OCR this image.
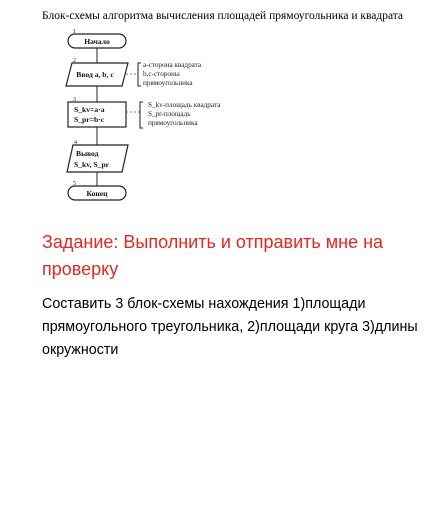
Блок-схемы алгоритма вычисления площадей прямоугольника и квадрата
1
Начало
2
Ввод a, b, c
a-сторона квадрата
b,c-стороны
прямоугольника
3
S_kv=a·a
S_pr=b·c
S_kv-площадь квадрата
S_pr-площадь
прямоугольника
4
Вывод
S_kv, S_pr
5
Конец
Задание: Выполнить и отправить мне на проверку
Составить 3 блок-схемы нахождения 1)площади прямоугольного треугольника, 2)площади круга 3)длины окружности
